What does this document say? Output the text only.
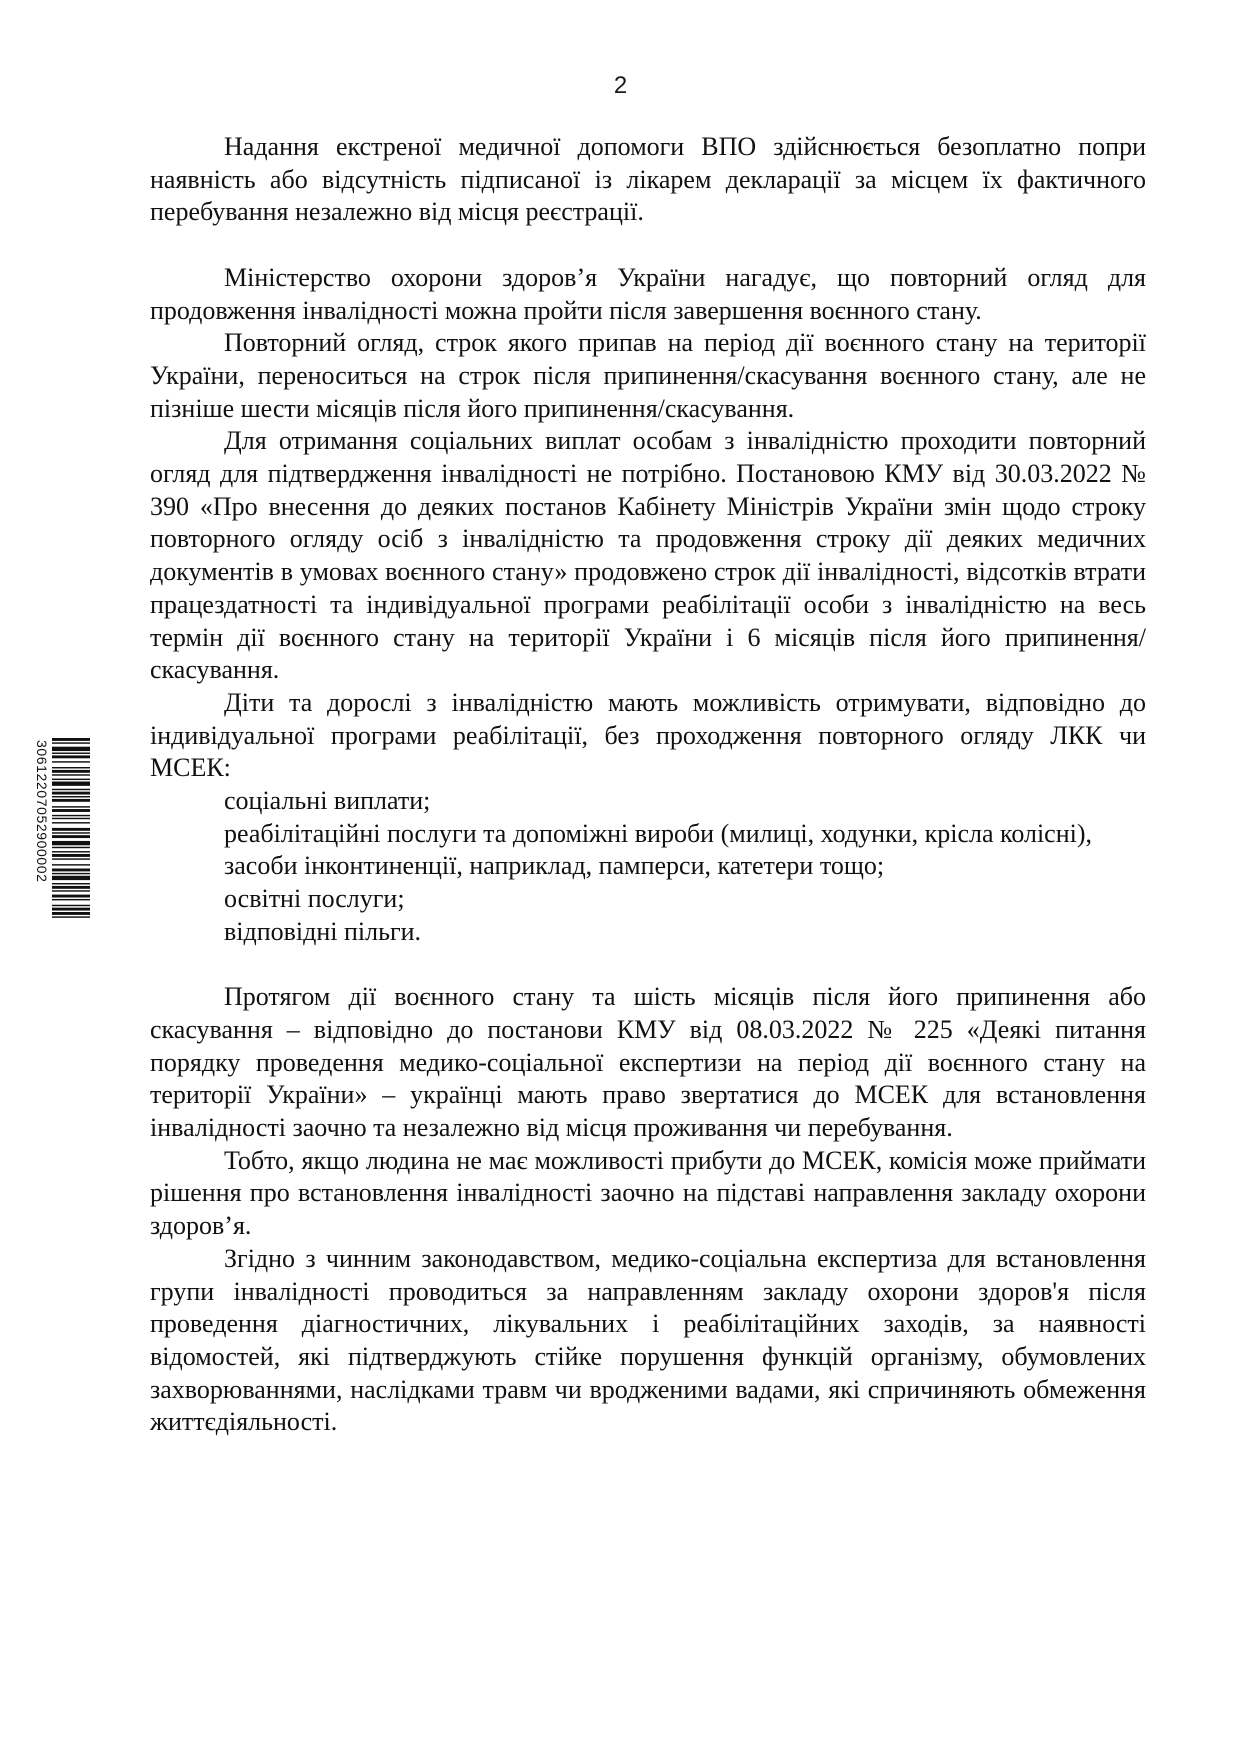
2

Надання екстреної медичної допомоги ВПО здійснюється безоплатно попри наявність або відсутність підписаної із лікарем декларації за місцем їх фактичного перебування незалежно від місця реєстрації.

Міністерство охорони здоров’я України нагадує, що повторний огляд для продовження інвалідності можна пройти після завершення воєнного стану.

Повторний огляд, строк якого припав на період дії воєнного стану на території України, переноситься на строк після припинення/скасування воєнного стану, але не пізніше шести місяців після його припинення/скасування.

Для отримання соціальних виплат особам з інвалідністю проходити повторний огляд для підтвердження інвалідності не потрібно. Постановою КМУ від 30.03.2022 № 390 «Про внесення до деяких постанов Кабінету Міністрів України змін щодо строку повторного огляду осіб з інвалідністю та продовження строку дії деяких медичних документів в умовах воєнного стану» продовжено строк дії інвалідності, відсотків втрати працездатності та індивідуальної програми реабілітації особи з інвалідністю на весь термін дії воєнного стану на території України і 6 місяців після його припинення/скасування.

Діти та дорослі з інвалідністю мають можливість отримувати, відповідно до індивідуальної програми реабілітації, без проходження повторного огляду ЛКК чи МСЕК:

соціальні виплати;

реабілітаційні послуги та допоміжні вироби (милиці, ходунки, крісла колісні),

засоби інконтиненції, наприклад, памперси, катетери тощо;

освітні послуги;

відповідні пільги.

Протягом дії воєнного стану та шість місяців після його припинення або скасування – відповідно до постанови КМУ від 08.03.2022 № 225 «Деякі питання порядку проведення медико-соціальної експертизи на період дії воєнного стану на території України» – українці мають право звертатися до МСЕК для встановлення інвалідності заочно та незалежно від місця проживання чи перебування.

Тобто, якщо людина не має можливості прибути до МСЕК, комісія може приймати рішення про встановлення інвалідності заочно на підставі направлення закладу охорони здоров’я.

Згідно з чинним законодавством, медико-соціальна експертиза для встановлення групи інвалідності проводиться за направленням закладу охорони здоров'я після проведення діагностичних, лікувальних і реабілітаційних заходів, за наявності відомостей, які підтверджують стійке порушення функцій організму, обумовлених захворюваннями, наслідками травм чи вродженими вадами, які спричиняють обмеження життєдіяльності.

30612207052900002
